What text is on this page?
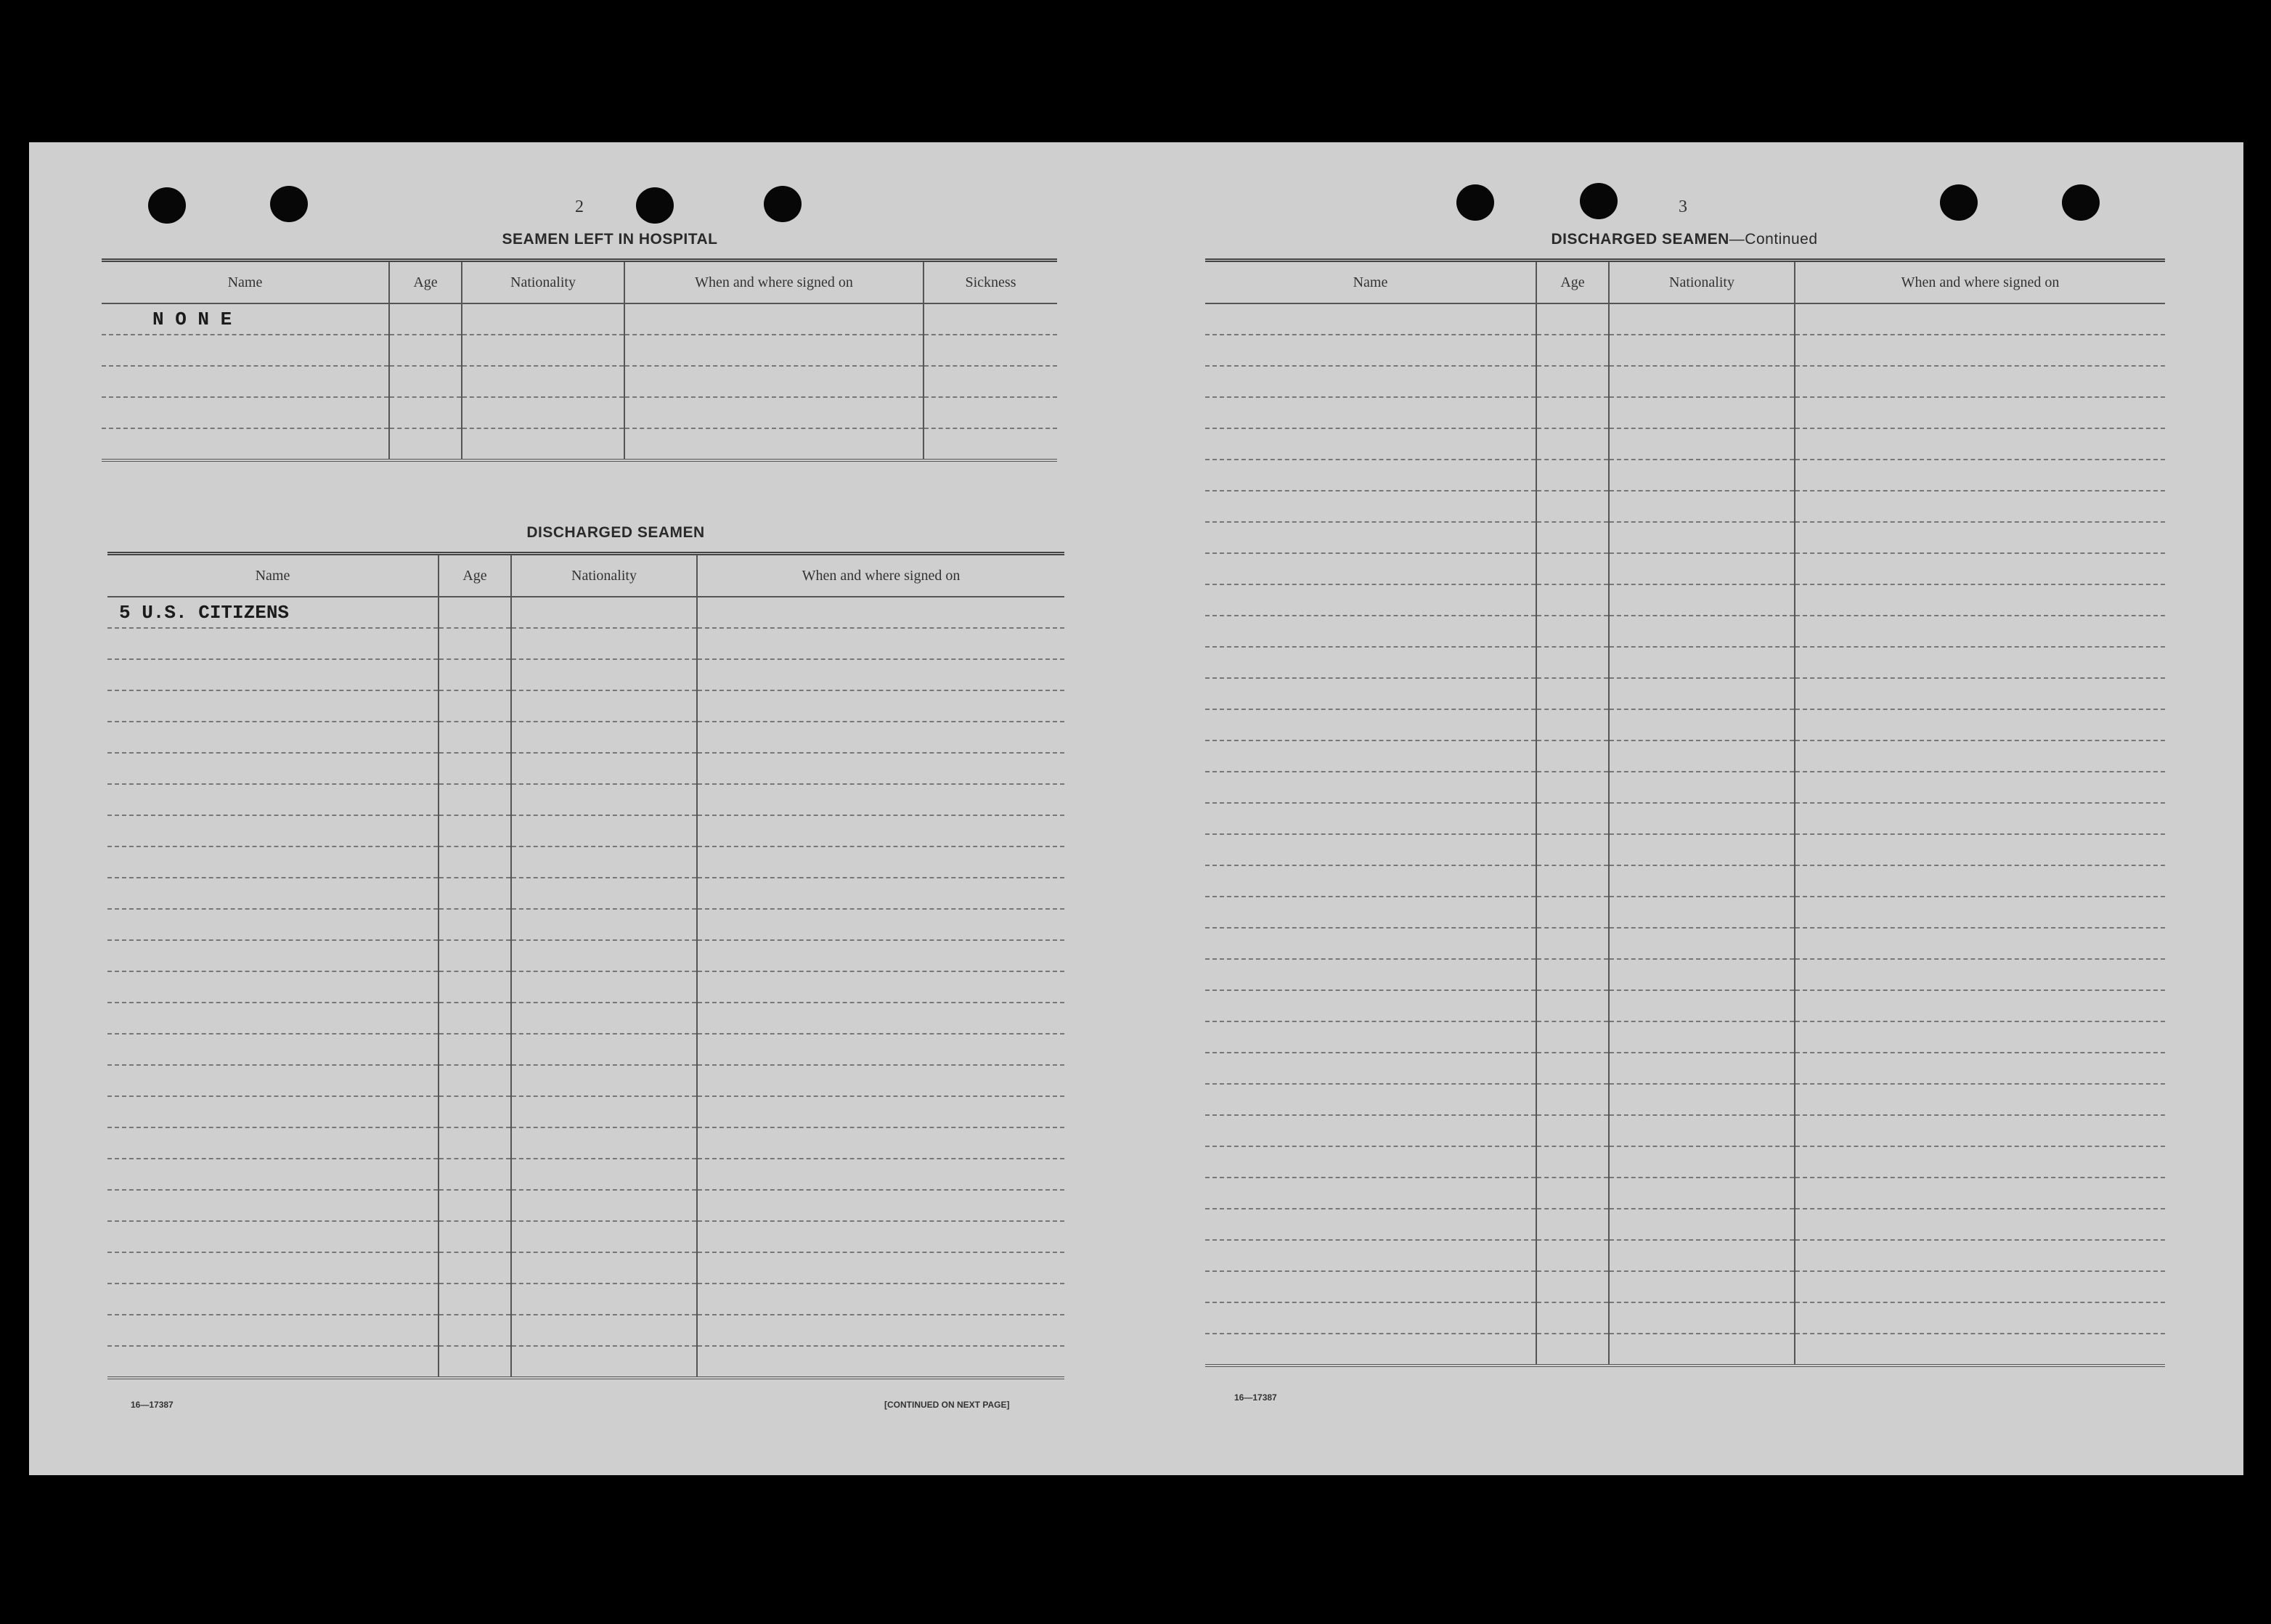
2
SEAMEN LEFT IN HOSPITAL
Name	Age	Nationality	When and where signed on	Sickness
N O N E				

DISCHARGED SEAMEN
Name	Age	Nationality	When and where signed on
5 U.S. CITIZENS			

16—17387	[CONTINUED ON NEXT PAGE]
3
DISCHARGED SEAMEN—Continued
Name	Age	Nationality	When and where signed on

16—17387
